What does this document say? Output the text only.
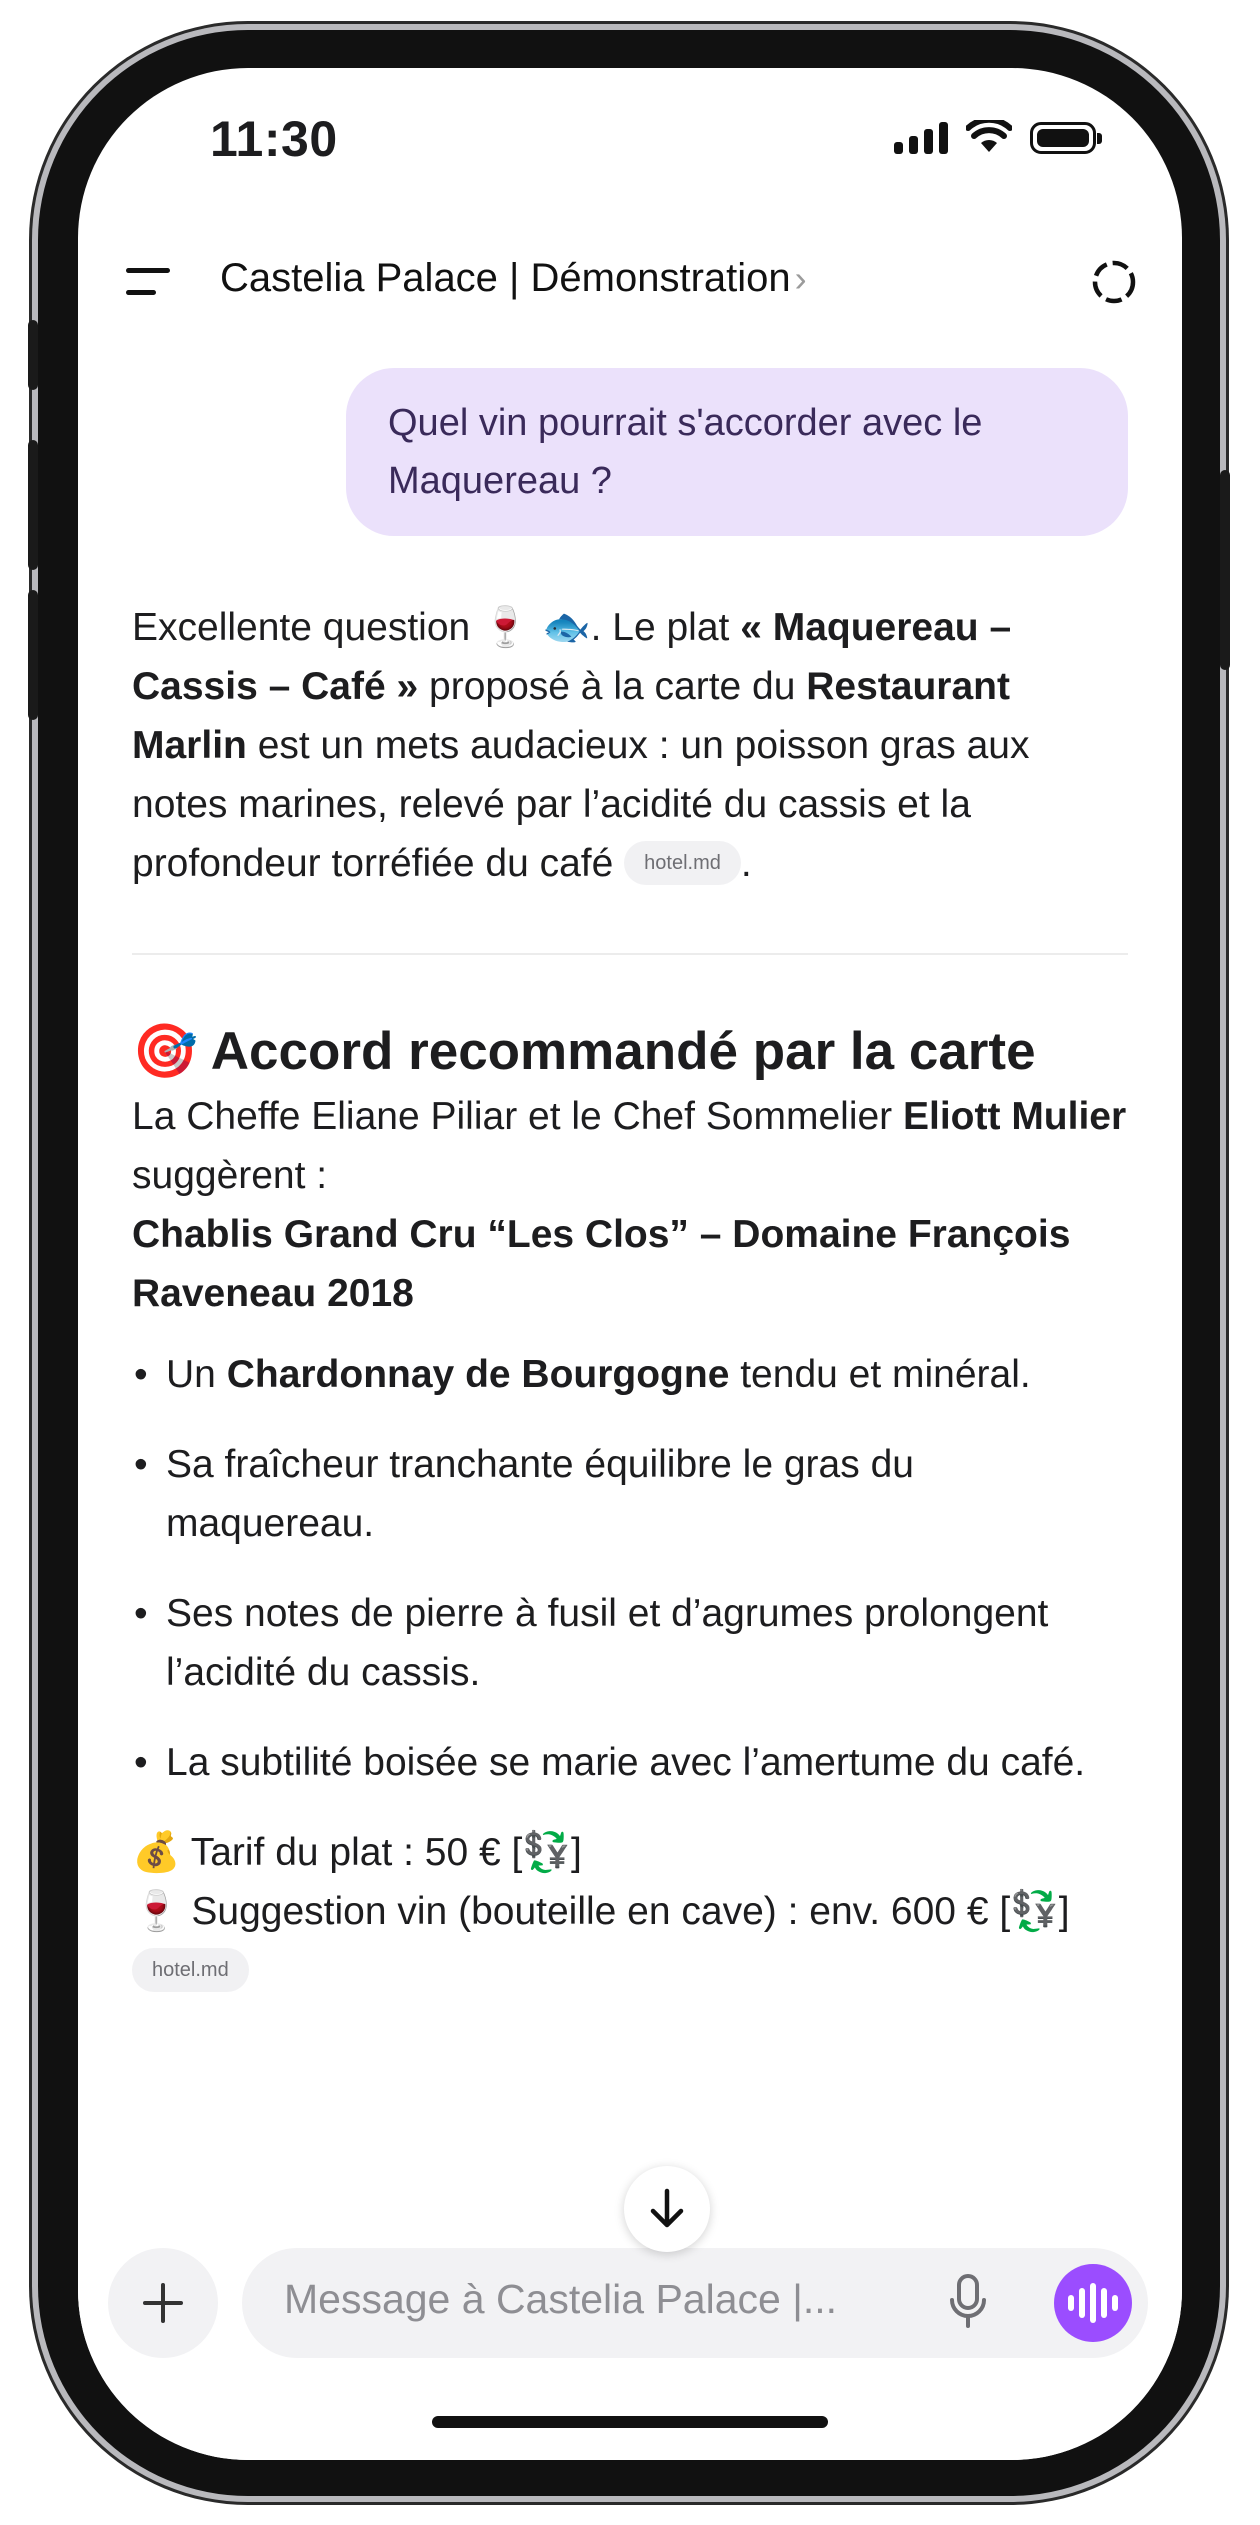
11:30
Castelia Palace | Démonstration ›
Quel vin pourrait s'accorder avec le Maquereau ?

Excellente question 🍷 🐟. Le plat « Maquereau – Cassis – Café » proposé à la carte du Restaurant Marlin est un mets audacieux : un poisson gras aux notes marines, relevé par l’acidité du cassis et la profondeur torréfiée du café hotel.md .

🎯 Accord recommandé par la carte

La Cheffe Eliane Piliar et le Chef Sommelier Eliott Mulier suggèrent :
Chablis Grand Cru “Les Clos” – Domaine François Raveneau 2018

• Un Chardonnay de Bourgogne tendu et minéral.
• Sa fraîcheur tranchante équilibre le gras du maquereau.
• Ses notes de pierre à fusil et d’agrumes prolongent l’acidité du cassis.
• La subtilité boisée se marie avec l’amertume du café.

💰 Tarif du plat : 50 € [💱]
🍷 Suggestion vin (bouteille en cave) : env. 600 € [💱] hotel.md

Message à Castelia Palace |...
